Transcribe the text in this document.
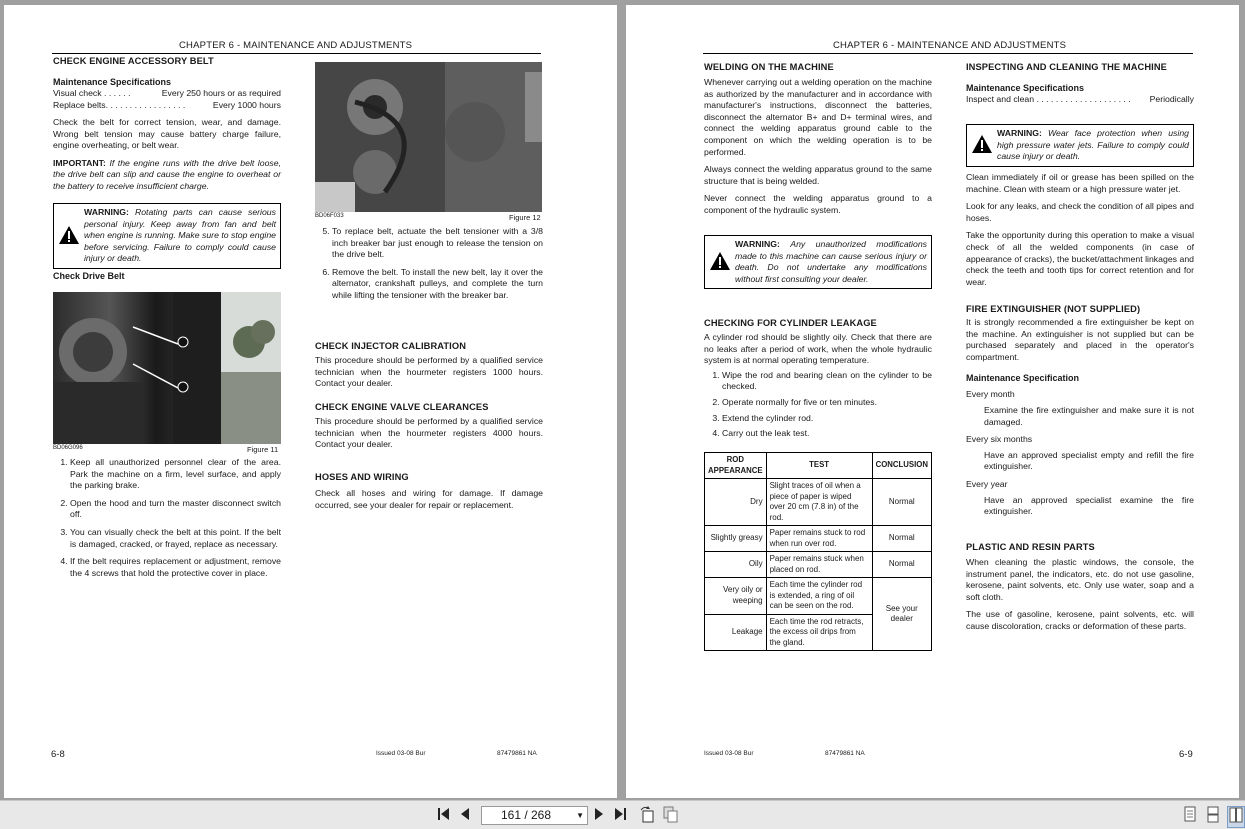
CHAPTER 6 - MAINTENANCE AND ADJUSTMENTS
CHECK ENGINE ACCESSORY BELT
Maintenance Specifications
Visual check . . . . . .	Every 250 hours or as required
Replace belts. . . . . . . . . . . . . . . . .	Every 1000 hours

Check the belt for correct tension, wear, and damage. Wrong belt tension may cause battery charge failure, engine overheating, or belt wear.

IMPORTANT: If the engine runs with the drive belt loose, the drive belt can slip and cause the engine to overheat or the battery to receive insufficient charge.

WARNING: Rotating parts can cause serious personal injury. Keep away from fan and belt when engine is running. Make sure to stop engine before servicing. Failure to comply could cause injury or death.
Check Drive Belt
BD06G096	Figure 11
1. Keep all unauthorized personnel clear of the area. Park the machine on a firm, level surface, and apply the parking brake.
2. Open the hood and turn the master disconnect switch off.
3. You can visually check the belt at this point. If the belt is damaged, cracked, or frayed, replace as necessary.
4. If the belt requires replacement or adjustment, remove the 4 screws that hold the protective cover in place.
BD06F033	Figure 12
5. To replace belt, actuate the belt tensioner with a 3/8 inch breaker bar just enough to release the tension on the drive belt.
6. Remove the belt. To install the new belt, lay it over the alternator, crankshaft pulleys, and complete the turn while lifting the tensioner with the breaker bar.
CHECK INJECTOR CALIBRATION
This procedure should be performed by a qualified service technician when the hourmeter registers 1000 hours. Contact your dealer.
CHECK ENGINE VALVE CLEARANCES
This procedure should be performed by a qualified service technician when the hourmeter registers 4000 hours. Contact your dealer.
HOSES AND WIRING
Check all hoses and wiring for damage. If damage occurred, see your dealer for repair or replacement.
6-8	Issued 03-08 Bur	87479861 NA
CHAPTER 6 - MAINTENANCE AND ADJUSTMENTS
WELDING ON THE MACHINE

Whenever carrying out a welding operation on the machine as authorized by the manufacturer and in accordance with manufacturer's instructions, disconnect the batteries, disconnect the alternator B+ and D+ terminal wires, and connect the welding apparatus ground cable to the component on which the welding operation is to be performed.

Always connect the welding apparatus ground to the same structure that is being welded.

Never connect the welding apparatus ground to a component of the hydraulic system.

WARNING: Any unauthorized modifications made to this machine can cause serious injury or death. Do not undertake any modifications without first consulting your dealer.
CHECKING FOR CYLINDER LEAKAGE
A cylinder rod should be slightly oily. Check that there are no leaks after a period of work, when the whole hydraulic system is at normal operating temperature.
1. Wipe the rod and bearing clean on the cylinder to be checked.
2. Operate normally for five or ten minutes.
3. Extend the cylinder rod.
4. Carry out the leak test.
ROD APPEARANCE	TEST	CONCLUSION
Dry	Slight traces of oil when a piece of paper is wiped over 20 cm (7.8 in) of the rod.	Normal
Slightly greasy	Paper remains stuck to rod when run over rod.	Normal
Oily	Paper remains stuck when placed on rod.	Normal
Very oily or weeping	Each time the cylinder rod is extended, a ring of oil can be seen on the rod.	See your dealer
Leakage	Each time the rod retracts, the excess oil drips from the gland.	
INSPECTING AND CLEANING THE MACHINE
Maintenance Specifications
Inspect and clean . . . . . . . . . . . . . . . . . . . . Periodically
WARNING: Wear face protection when using high pressure water jets. Failure to comply could cause injury or death.

Clean immediately if oil or grease has been spilled on the machine. Clean with steam or a high pressure water jet.

Look for any leaks, and check the condition of all pipes and hoses.

Take the opportunity during this operation to make a visual check of all the welded components (in case of appearance of cracks), the bucket/attachment linkages and check the teeth and tooth tips for correct retention and for wear.

FIRE EXTINGUISHER (NOT SUPPLIED)
It is strongly recommended a fire extinguisher be kept on the machine. An extinguisher is not supplied but can be purchased separately and placed in the operator's compartment.
Maintenance Specification
Every month
Examine the fire extinguisher and make sure it is not damaged.
Every six months
Have an approved specialist empty and refill the fire extinguisher.
Every year
Have an approved specialist examine the fire extinguisher.
PLASTIC AND RESIN PARTS

When cleaning the plastic windows, the console, the instrument panel, the indicators, etc. do not use gasoline, kerosene, paint solvents, etc. Only use water, soap and a soft cloth.

The use of gasoline, kerosene, paint solvents, etc. will cause discoloration, cracks or deformation of these parts.

Issued 03-08 Bur	87479861 NA	6-9
161 / 268	▼
